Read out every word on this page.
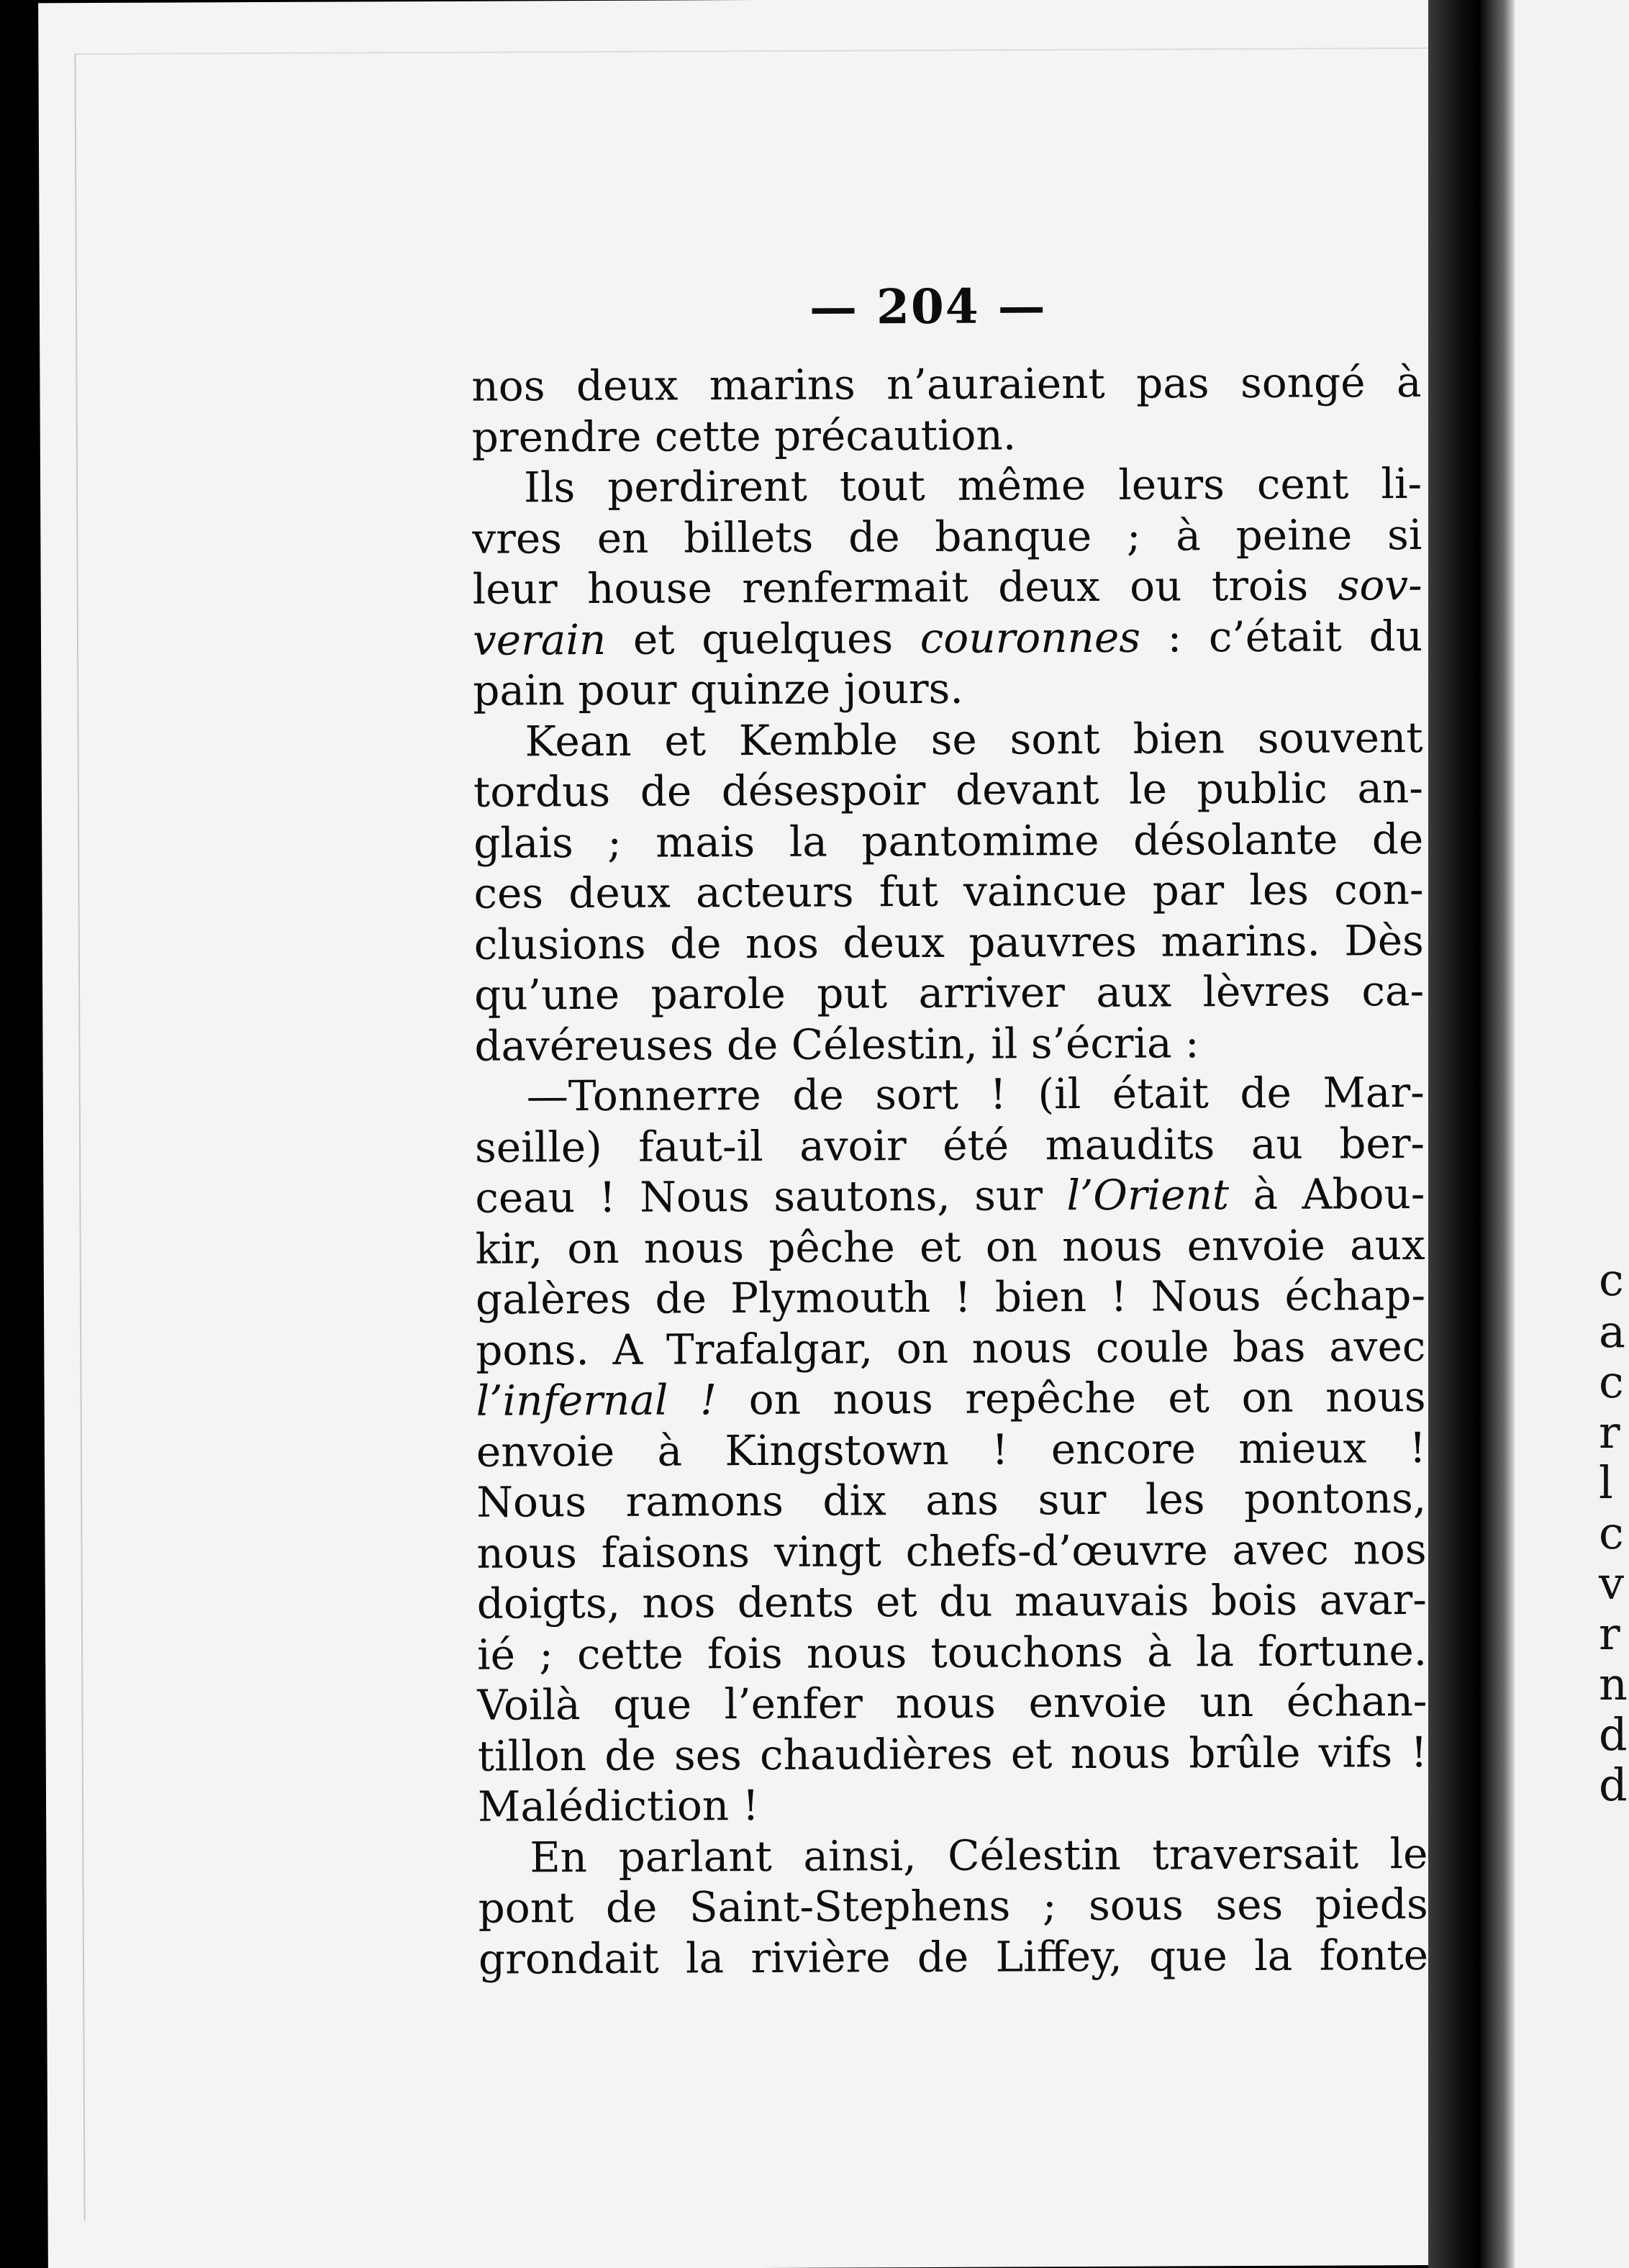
— 204 —
nos deux marins n’auraient pas songé à
prendre cette précaution.
Ils perdirent tout même leurs cent li-
vres en billets de banque ; à peine si
leur house renfermait deux ou trois sov-
verain et quelques couronnes : c’était du
pain pour quinze jours.
Kean et Kemble se sont bien souvent
tordus de désespoir devant le public an-
glais ; mais la pantomime désolante de
ces deux acteurs fut vaincue par les con-
clusions de nos deux pauvres marins. Dès
qu’une parole put arriver aux lèvres ca-
davéreuses de Célestin, il s’écria :
—Tonnerre de sort ! (il était de Mar-
seille) faut-il avoir été maudits au ber-
ceau ! Nous sautons, sur l’Orient à Abou-
kir, on nous pêche et on nous envoie aux
galères de Plymouth ! bien ! Nous échap-
pons. A Trafalgar, on nous coule bas avec
l’infernal ! on nous repêche et on nous
envoie à Kingstown ! encore mieux !
Nous ramons dix ans sur les pontons,
nous faisons vingt chefs-d’œuvre avec nos
doigts, nos dents et du mauvais bois avar-
ié ; cette fois nous touchons à la fortune.
Voilà que l’enfer nous envoie un échan-
tillon de ses chaudières et nous brûle vifs !
Malédiction !
En parlant ainsi, Célestin traversait le
pont de Saint-Stephens ; sous ses pieds
grondait la rivière de Liffey, que la fonte
c
a
c
r
l
c
v
r
n
d
d
